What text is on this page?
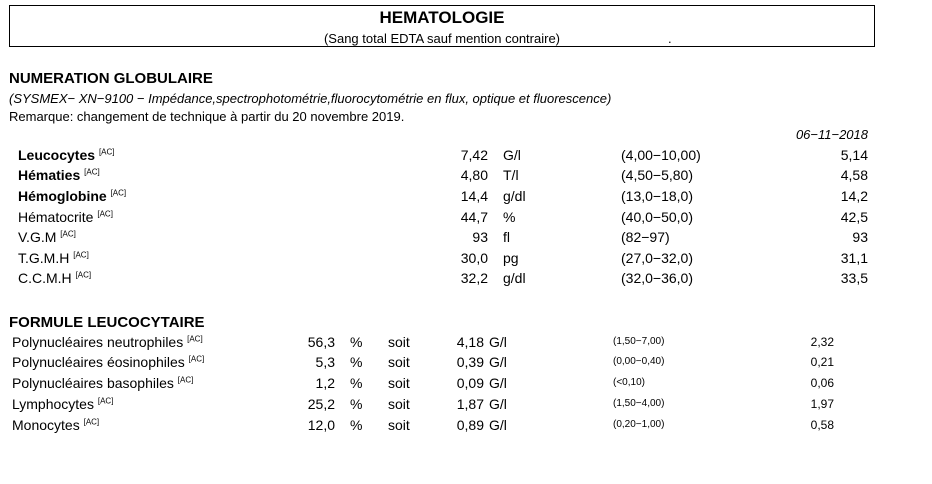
HEMATOLOGIE
(Sang total EDTA sauf mention contraire)	.
NUMERATION GLOBULAIRE
(SYSMEX− XN−9100 − Impédance,spectrophotométrie,fluorocytométrie en flux, optique et fluorescence)
Remarque: changement de technique à partir du 20 novembre 2019.
06−11−2018
Leucocytes [AC]	7,42 G/l	(4,00−10,00)	5,14
Hématies [AC]	4,80 T/l	(4,50−5,80)	4,58
Hémoglobine [AC]	14,4 g/dl	(13,0−18,0)	14,2
Hématocrite [AC]	44,7 %	(40,0−50,0)	42,5
V.G.M [AC]	93 fl	(82−97)	93
T.G.M.H [AC]	30,0 pg	(27,0−32,0)	31,1
C.C.M.H [AC]	32,2 g/dl	(32,0−36,0)	33,5
FORMULE LEUCOCYTAIRE
Polynucléaires neutrophiles [AC]	56,3 % soit	4,18 G/l	(1,50−7,00)	2,32
Polynucléaires éosinophiles [AC]	5,3 % soit	0,39 G/l	(0,00−0,40)	0,21
Polynucléaires basophiles [AC]	1,2 % soit	0,09 G/l	(<0,10)	0,06
Lymphocytes [AC]	25,2 % soit	1,87 G/l	(1,50−4,00)	1,97
Monocytes [AC]	12,0 % soit	0,89 G/l	(0,20−1,00)	0,58
